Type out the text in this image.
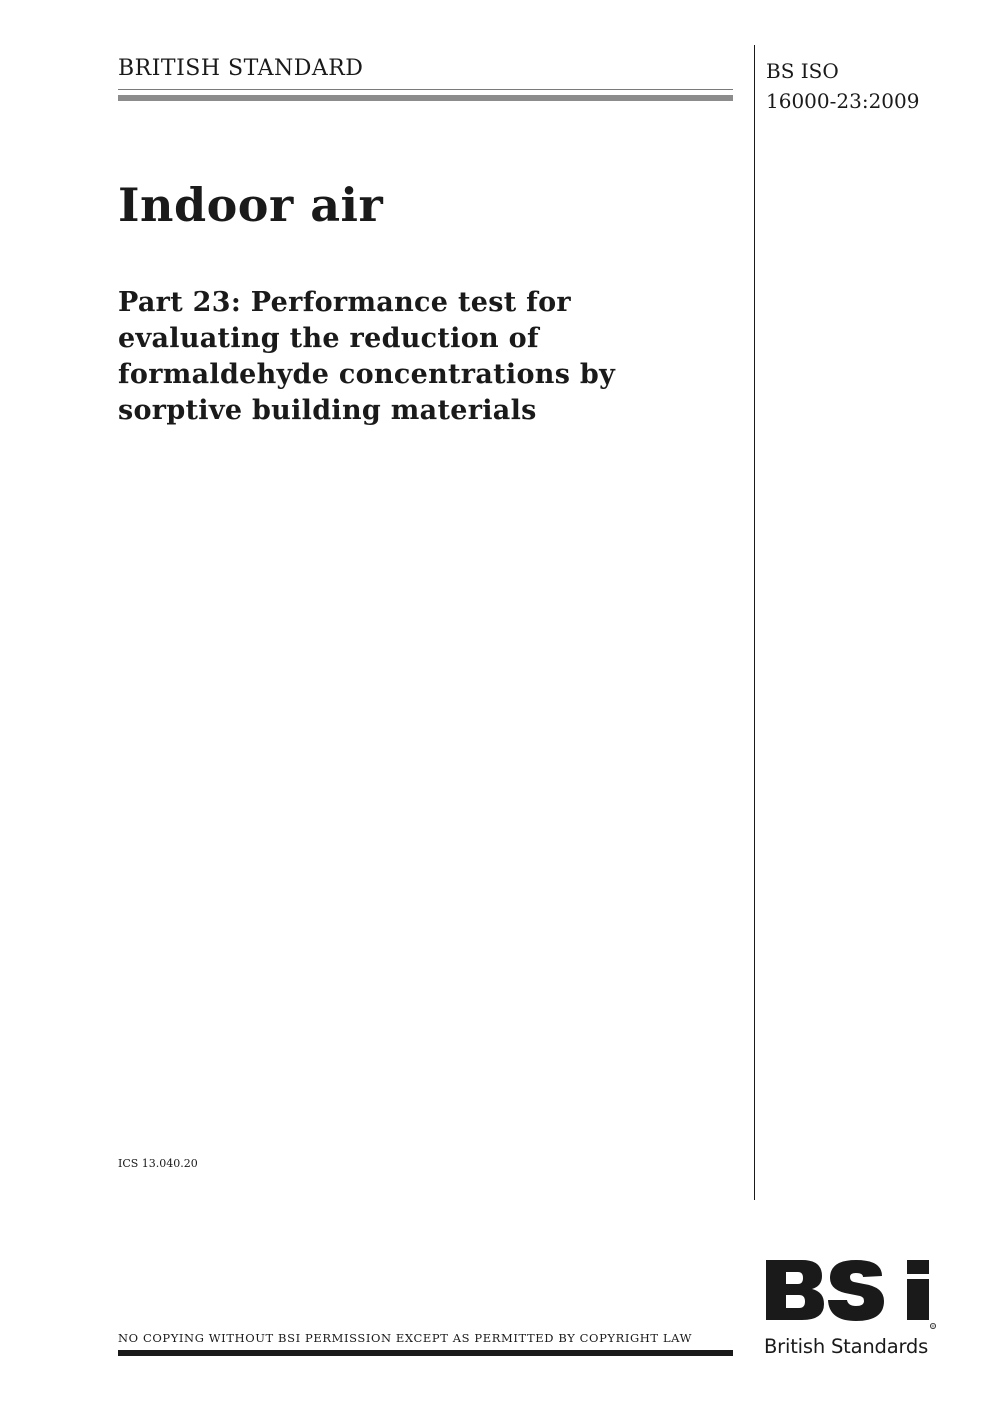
BRITISH STANDARD	BS ISO
16000-23:2009
Indoor air
Part 23: Performance test for
evaluating the reduction of
formaldehyde concentrations by
sorptive building materials
ICS 13.040.20
NO COPYING WITHOUT BSI PERMISSION EXCEPT AS PERMITTED BY COPYRIGHT LAW
®
British Standards
